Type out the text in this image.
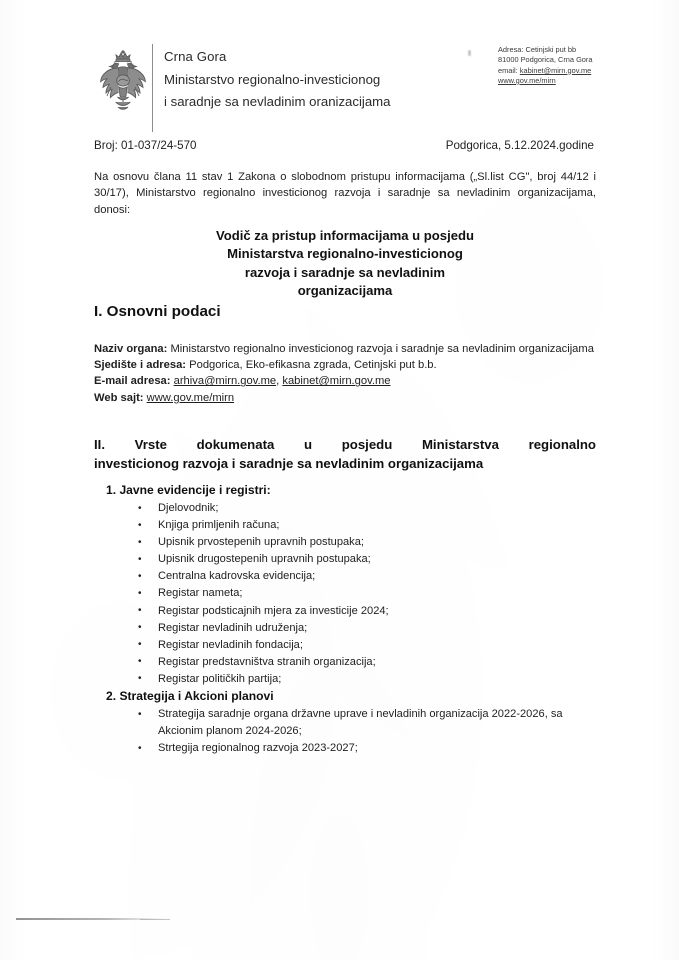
Crna Gora
Ministarstvo regionalno-investicionog
i saradnje sa nevladinim oranizacijama
Adresa: Cetinjski put bb
81000 Podgorica, Crna Gora
email: kabinet@mirn.gov.me
www.gov.me/mirn
Broj: 01-037/24-570	Podgorica, 5.12.2024.godine
Na osnovu člana 11 stav 1 Zakona o slobodnom pristupu informacijama („Sl.list CG", broj 44/12 i 30/17), Ministarstvo regionalno investicionog razvoja i saradnje sa nevladinim organizacijama, donosi:
Vodič za pristup informacijama u posjedu
Ministarstva regionalno-investicionog
razvoja i saradnje sa nevladinim
organizacijama
I. Osnovni podaci
Naziv organa: Ministarstvo regionalno investicionog razvoja i saradnje sa nevladinim organizacijama
Sjedište i adresa: Podgorica, Eko-efikasna zgrada, Cetinjski put b.b.
E-mail adresa: arhiva@mirn.gov.me, kabinet@mirn.gov.me
Web sajt: www.gov.me/mirn
II. Vrste dokumenata u posjedu Ministarstva regionalno
investicionog razvoja i saradnje sa nevladinim organizacijama
1. Javne evidencije i registri:
• Djelovodnik;
• Knjiga primljenih računa;
• Upisnik prvostepenih upravnih postupaka;
• Upisnik drugostepenih upravnih postupaka;
• Centralna kadrovska evidencija;
• Registar nameta;
• Registar podsticajnih mjera za investicije 2024;
• Registar nevladinih udruženja;
• Registar nevladinih fondacija;
• Registar predstavništva stranih organizacija;
• Registar političkih partija;
2. Strategija i Akcioni planovi
• Strategija saradnje organa državne uprave i nevladinih organizacija 2022-2026, sa Akcionim planom 2024-2026;
• Strtegija regionalnog razvoja 2023-2027;
